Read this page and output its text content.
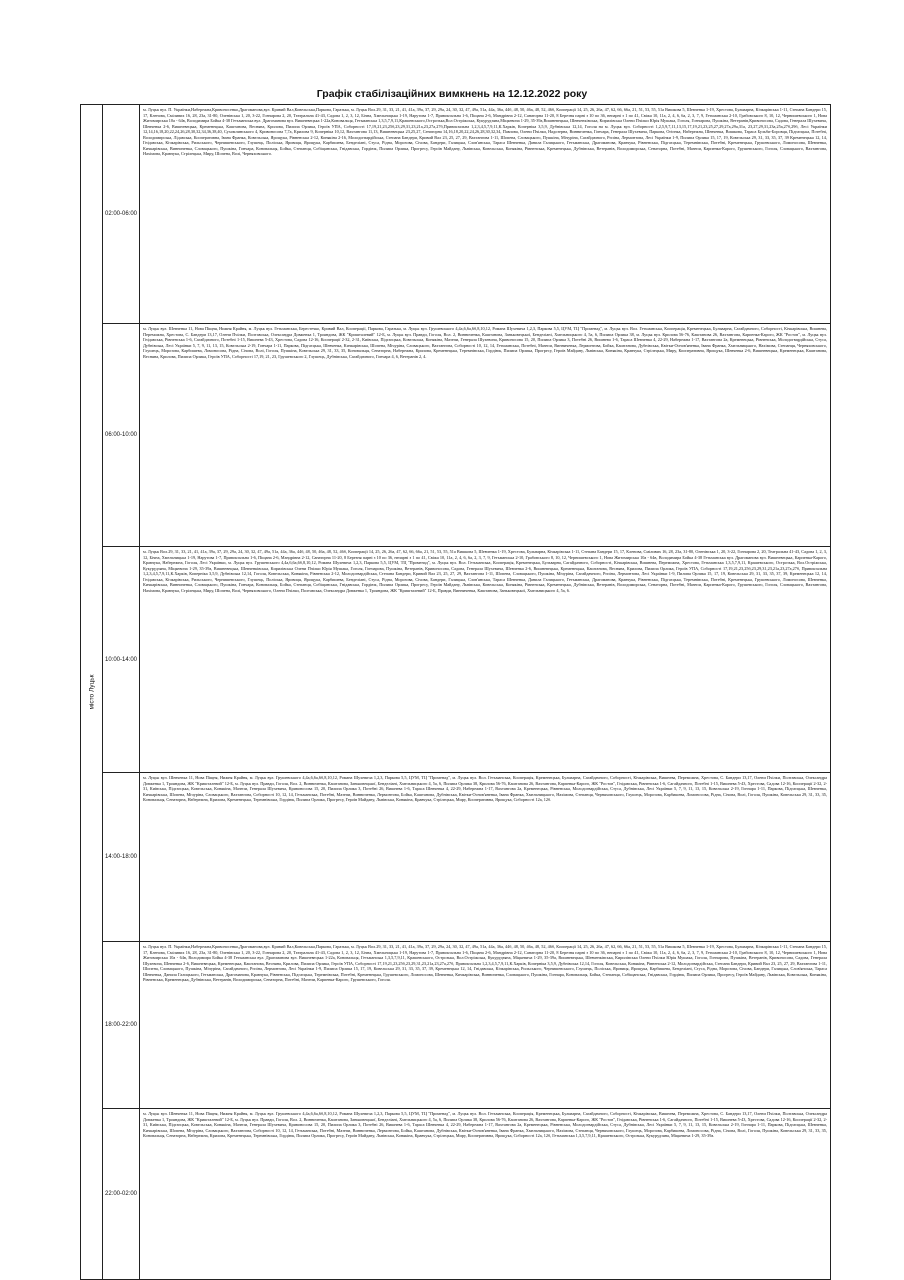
Графік стабілізаційних вимкнень на 12.12.2022 року
місто Луцьк	02:00-06:00	м. Луцьк вул. П. Українки,Набережна,Кривоносенко,Драгоманова,вул. Кривий Вал,Ковельська,Паркова, Гаразька, м. Луцьк Вол.29, 31, 33, 21, 41, 41а, 39а, 37, 29, 29а, 24, 30, 32, 47, 49а, 51а, 44а, 36а, 44б, 48, 50, 46а, 48, 52, 46б, Кооперації 14, 25, 26, 26а, 47, 62, 66, 66а, 21, 51, 53, 55, 51а Вишкова 5, Шевченка 1-19, Хрестова, Бульварна, Кічкарівська 1-11, Степана Бандери 15, 17, Кленова, Сміливих 16, 28, 23а, 31-80, Оленівська 1, 20, 3-22, Гончарова 2, 20, Театральна 41-43, Садова 1, 2, 3, 12, Бічна, Хмельницька 1-19, Нарутова 1-7, Привокзальна 1-6, Піщана 2-6, Мандрівна 2-12, Санаторна 11-20, 8 Березня парні з 10 по 36, непарні з 1 по 41, Свіжа 10, 11а, 2, 4, 6, 6а, 2, 3, 7, 9, Гетьманська 2-10, Грабовського 8, 10, 12, Чернишевського 1, Нова Житомирська 10а - 64в, Володимира Бойка 4-38 Гетьманська вул. Драгоманова вул. Вишневецька 1-22а,Коновальця, Гетьманська 1,3,5,7,9,11,Крашевського,Острозька,Вол.Остріжська, Кукурудзяна,Міцкевича 1-29, 35-39а,Вишневецька, Шевченківська, Кирилівська Олени Пчілки Юрія Мушака, Гоголя, Гончарова, Пушкіна, Ветеранів,Кривоносова, Садова, Генерала Шухевича, Шевченка 2-6, Вишневецька, Кременецька, Каштанова, Весняна, Крилова, Пилипа Орлика, Героїв УПА, Соборності 17,19,21,23,25б,23,29,31,23,21а,23,27а,27б,Привокзальна 1,2,3,4,5,7,9,11,К.Харків, Коперніка 3,5,9, Дубнівська 12,14, Гоголя на м. Луцьк вул. Соборності 1,2,5,9,7,11,13,15,17,19,21,23,25,27,29,27а,29а,31а, 23,27,29,31,23а,25а,27б,29б, Лесі Українки 12,14,16,18,20,22,24,26,28,30,32,34,36,38,40, Сухомлинського 4, Кривоносова 7,7а, Крилова 9, Коперніка 10,12, Вахтангова 11,13, Вишневецька 23,25,27, Сенаторна 14,16,18,20,22,24,26,28,30,32,34, Павлова, Олени Пчілки, Надозерна, Винниченка, Гончара, Генерала Шухевича, Паркова, Огієнка, Набережна, Шевченка, Вишкова, Тараса Бульби-Боровця, Підгаєцька, Потебні, Володимирська, Лідавська, Кооперативна, Івана Франка, Ковельська, Ярощука, Рівненська 2-12, Конякіна 2-16, Молодогвардійська, Степана Бандери, Кривий Вал 23, 25, 27, 29, Вахтангова 1-11, Шопена, Словацького, Пушкіна, Мічуріна, Сагайдачного, Рєпіна, Лермонтова, Лесі Українки 1-9, Пилипа Орлика 15, 17, 19, Ковельська 29, 31, 33, 35, 37, 39 Кременецька 12, 14, Гнідавська, Кічкарівська, Рильського, Чернишевського, Глушець, Поліська, Яровиця, Ярощука, Карбишева, Бенделіані, Стуса, Рідна, Морозова, Січова, Бандери, Галицька, Слов'янська, Тараса Шевченка, Данила Галицького, Гетьманська, Драгоманова, Кравчука, Рівненська, Підгаєцька, Теремнівська, Потебні, Кременецька, Грушевського, Ломоносова, Шевченка, Кичкарівська, Винниченка, Словацького, Пушкіна, Гончара, Коновальця, Бойка, Степанця, Собіщанська, Гнідавська, Гордіюк, Пилипа Орлика, Прогресу, Героїв Майдану, Львівська, Ковельська, Конякіна, Рівненська, Кременецька, Дубнівська, Ветеранів, Володимирська, Сенаторна, Потебні, Мазепи, Карпенка-Карого, Грушевського, Гоголя, Словацького, Вахтангова, Нахімова, Кравчука, Стрілецька, Миру, Шопена, Волі, Черняховського.

	06:00-10:00	м. Луцьк вул. Шевченка 11, Нова Піщня, Нижня Крайня, м. Луцьк вул. Гетьманська, Берестечко, Кривий Вал, Кооперації, Паркова, Гаразька, м. Луцьк вул. Грушевського 4,4а,6,6а,6б,8,10,12, Романа Шухевича 1,2,3, Паркова 5,5, ЦУМ, ТЦ "Променад", м. Луцьк вул. Вол. Гетьманська, Кооперація, Кременецька, Бульварна, Сагайдачного, Соборності, Кічкарівська, Вишнева, Переможна, Хрестова, С. Бандери 13,17, Олени Пчілки, Полтавська, Олександра Довженка 1, Трояндова, ЖК "Кришталевий" 12-Б, м. Луцьк вул. Правди, Гоголя, Вол. 2, Винниченка, Каштанова, Заньковецької, Бенделіані, Хмельницького 4, 5а, 6, Пилипа Орлика 38, м. Луцьк вул. Крилова 56-76, Каштанова 26, Вахтангова, Карпенка-Карого, ЖК "Ростов", м. Луцьк вул. Гнідавська, Рівненська 1-6, Сагайдачного, Потебні 1-15, Вишнева 5-43, Хрестова, Садова 12-16, Кооперації 2-32, 2-31, Київська, Підгаєцька, Ковельська, Конякіна, Мазепи, Генерала Шухевича, Кривоносова 15, 20, Пилипа Орлика 3, Потебні 26, Вишнева 1-6, Тараса Шевченка 4, 22-29, Набережна 1-17, Вахтангова 2а, Кременецька, Рівненська, Молодогвардійська, Стуса, Дубнівська, Лесі Українки 5, 7, 9, 11, 13, 15, Ковельська 2-19, Гончара 1-11, Паркова, Підгаєцька, Шевченка, Кичкарівська, Шопена, Мічуріна, Словацького, Вахтангова, Соборності 10, 12, 14, Гетьманська, Потебні, Мазепи, Винниченка, Лермонтова, Бойка, Каштанова, Дубнівська, Квітки-Основ'яненка, Івана Франка, Хмельницького, Нахімова, Степанця, Черняховського, Глушець, Морозова, Карбишева, Ломоносова, Рідна, Січова, Волі, Гоголя, Пушкіна, Ковельська 29, 31, 33, 35, Коновальця, Сенаторна, Набережна, Крилова, Кременецька, Теремнівська, Гордіюк, Пилипа Орлика, Прогресу, Героїв Майдану, Львівська, Конякіна, Кравчука, Стрілецька, Миру, Кооперативна, Ярощука, Шевченка 2-6, Вишневецька, Кременецька, Каштанова, Весняна, Крилова, Пилипа Орлика, Героїв УПА, Соборності 17,19, 21, 23, Грушевського 2, Глушець, Дубнівська, Сагайдачного, Гончара 4, 6, Ветеранів 2, 4.

	10:00-14:00	м. Луцьк Вол.29, 31, 33, 21, 41, 41а, 39а, 37, 29, 29а, 24, 30, 32, 47, 49а, 51а, 44а, 36а, 44б, 48, 50, 46а, 48, 52, 46б, Кооперації 14, 25, 26, 26а, 47, 62, 66, 66а, 21, 51, 53, 55, 51а Вишкова 5, Шевченка 1-19, Хрестова, Бульварна, Кічкарівська 1-11, Степана Бандери 15, 17, Кленова, Сміливих 16, 28, 23а, 31-80, Оленівська 1, 20, 3-22, Гончарова 2, 20, Театральна 41-43, Садова 1, 2, 3, 12, Бічна, Хмельницька 1-19, Нарутова 1-7, Привокзальна 1-6, Піщана 2-6, Мандрівна 2-12, Санаторна 11-20, 8 Березня парні з 10 по 36, непарні з 1 по 41, Свіжа 10, 11а, 2, 4, 6, 6а, 2, 3, 7, 9, Гетьманська 2-10, Грабовського 8, 10, 12, Чернишевського 1, Нова Житомирська 10а - 64в, Володимира Бойка 4-38 Гетьманська вул. Драгоманова вул. Вишневецька, Карпенка-Карого, Кравчука, Набережна, Гоголя, Лесі Українки, м. Луцьк вул. Грушевського 4,4а,6,6а,6б,8,10,12, Романа Шухевича 1,2,3, Паркова 5,5, ЦУМ, ТЦ "Променад", м. Луцьк вул. Вол. Гетьманська, Кооперація, Кременецька, Бульварна, Сагайдачного, Соборності, Кічкарівська, Вишнева, Переможна, Хрестова, Гетьманська 1,3,5,7,9,11, Крашевського, Острозька, Вол.Остріжська, Кукурудзяна, Міцкевича 1-29, 35-39а, Вишневецька, Шевченківська, Кирилівська Олени Пчілки Юрія Мушака, Гоголя, Гончарова, Пушкіна, Ветеранів, Кривоносова, Садова, Генерала Шухевича, Шевченка 2-6, Вишневецька, Кременецька, Каштанова, Весняна, Крилова, Пилипа Орлика, Героїв УПА, Соборності 17,19,21,23,25б,23,29,31,23,21а,23,27а,27б, Привокзальна 1,2,3,4,5,7,9,11,К.Харків, Коперніка 3,5,9, Дубнівська 12,14, Гоголя, Ковельська, Конякіна, Рівненська 2-12, Молодогвардійська, Степана Бандери, Кривий Вал 23, 25, 27, 29, Вахтангова 1-11, Шопена, Словацького, Пушкіна, Мічуріна, Сагайдачного, Рєпіна, Лермонтова, Лесі Українки 1-9, Пилипа Орлика 15, 17, 19, Ковельська 29, 31, 33, 35, 37, 39, Кременецька 12, 14, Гнідавська, Кічкарівська, Рильського, Чернишевського, Глушець, Поліська, Яровиця, Ярощука, Карбишева, Бенделіані, Стуса, Рідна, Морозова, Січова, Бандери, Галицька, Слов'янська, Тараса Шевченка, Данила Галицького, Гетьманська, Драгоманова, Кравчука, Рівненська, Підгаєцька, Теремнівська, Потебні, Кременецька, Грушевського, Ломоносова, Шевченка, Кичкарівська, Винниченка, Словацького, Пушкіна, Гончара, Коновальця, Бойка, Степанця, Собіщанська, Гнідавська, Гордіюк, Пилипа Орлика, Прогресу, Героїв Майдану, Львівська, Ковельська, Конякіна, Рівненська, Кременецька, Дубнівська, Ветеранів, Володимирська, Сенаторна, Потебні, Мазепи, Карпенка-Карого, Грушевського, Гоголя, Словацького, Вахтангова, Нахімова, Кравчука, Стрілецька, Миру, Шопена, Волі, Черняховського, Олени Пчілки, Полтавська, Олександра Довженка 1, Трояндова, ЖК "Кришталевий" 12-Б, Правди, Винниченка, Каштанова, Заньковецької, Хмельницького 4, 5а, 6.

	14:00-18:00	м. Луцьк вул. Шевченка 11, Нова Піщня, Нижня Крайня, м. Луцьк вул. Грушевського 4,4а,6,6а,6б,8,10,12, Романа Шухевича 1,2,3, Паркова 5,5, ЦУМ, ТЦ "Променад", м. Луцьк вул. Вол. Гетьманська, Кооперація, Кременецька, Бульварна, Сагайдачного, Соборності, Кічкарівська, Вишнева, Переможна, Хрестова, С. Бандери 13,17, Олени Пчілки, Полтавська, Олександра Довженка 1, Трояндова, ЖК "Кришталевий" 12-Б, м. Луцьк вул. Правди, Гоголя, Вол. 2, Винниченка, Каштанова, Заньковецької, Бенделіані, Хмельницького 4, 5а, 6, Пилипа Орлика 38, Крилова 56-76, Каштанова 26, Вахтангова, Карпенка-Карого, ЖК "Ростов", Гнідавська, Рівненська 1-6, Сагайдачного, Потебні 1-15, Вишнева 5-43, Хрестова, Садова 12-16, Кооперації 2-32, 2-31, Київська, Підгаєцька, Ковельська, Конякіна, Мазепи, Генерала Шухевича, Кривоносова 15, 20, Пилипа Орлика 3, Потебні 26, Вишнева 1-6, Тараса Шевченка 4, 22-29, Набережна 1-17, Вахтангова 2а, Кременецька, Рівненська, Молодогвардійська, Стуса, Дубнівська, Лесі Українки 5, 7, 9, 11, 13, 15, Ковельська 2-19, Гончара 1-11, Паркова, Підгаєцька, Шевченка, Кичкарівська, Шопена, Мічуріна, Словацького, Вахтангова, Соборності 10, 12, 14, Гетьманська, Потебні, Мазепи, Винниченка, Лермонтова, Бойка, Каштанова, Дубнівська, Квітки-Основ'яненка, Івана Франка, Хмельницького, Нахімова, Степанця, Черняховського, Глушець, Морозова, Карбишева, Ломоносова, Рідна, Січова, Волі, Гоголя, Пушкіна, Ковельська 29, 31, 33, 35, Коновальця, Сенаторна, Набережна, Крилова, Кременецька, Теремнівська, Гордіюк, Пилипа Орлика, Прогресу, Героїв Майдану, Львівська, Конякіна, Кравчука, Стрілецька, Миру, Кооперативна, Ярощука, Соборності 12а, 12б.

	18:00-22:00	м. Луцьк вул. П. Українки,Набережна,Кривоносенко,Драгоманова,вул. Кривий Вал,Ковельська,Паркова, Гаразька, м. Луцьк Вол.29, 31, 33, 21, 41, 41а, 39а, 37, 29, 29а, 24, 30, 32, 47, 49а, 51а, 44а, 36а, 44б, 48, 50, 46а, 48, 52, 46б, Кооперації 14, 25, 26, 26а, 47, 62, 66, 66а, 21, 51, 53, 55, 51а Вишкова 5, Шевченка 1-19, Хрестова, Бульварна, Кічкарівська 1-11, Степана Бандери 15, 17, Кленова, Сміливих 16, 28, 23а, 31-80, Оленівська 1, 20, 3-22, Гончарова 2, 20, Театральна 41-43, Садова 1, 2, 3, 12, Бічна, Хмельницька 1-19, Нарутова 1-7, Привокзальна 1-6, Піщана 2-6, Мандрівна 2-12, Санаторна 11-20, 8 Березня парні з 10 по 36, непарні з 1 по 41, Свіжа 10, 11а, 2, 4, 6, 6а, 2, 3, 7, 9, Гетьманська 2-10, Грабовського 8, 10, 12, Чернишевського 1, Нова Житомирська 10а - 64в, Володимира Бойка 4-38 Гетьманська вул. Драгоманова вул. Вишневецька 1-22а, Коновальця, Гетьманська 1,3,5,7,9,11, Крашевського, Острозька, Вол.Остріжська, Кукурудзяна, Міцкевича 1-29, 35-39а, Вишневецька, Шевченківська, Кирилівська Олени Пчілки Юрія Мушака, Гоголя, Гончарова, Пушкіна, Ветеранів, Кривоносова, Садова, Генерала Шухевича, Шевченка 2-6, Вишневецька, Кременецька, Каштанова, Весняна, Крилова, Пилипа Орлика, Героїв УПА, Соборності 17,19,21,23,25б,23,29,31,23,21а,23,27а,27б, Привокзальна 1,2,3,4,5,7,9,11,К.Харків, Коперніка 3,5,9, Дубнівська 12,14, Гоголя, Ковельська, Конякіна, Рівненська 2-12, Молодогвардійська, Степана Бандери, Кривий Вал 23, 25, 27, 29, Вахтангова 1-11, Шопена, Словацького, Пушкіна, Мічуріна, Сагайдачного, Рєпіна, Лермонтова, Лесі Українки 1-9, Пилипа Орлика 15, 17, 19, Ковельська 29, 31, 33, 35, 37, 39, Кременецька 12, 14, Гнідавська, Кічкарівська, Рильського, Чернишевського, Глушець, Поліська, Яровиця, Ярощука, Карбишева, Бенделіані, Стуса, Рідна, Морозова, Січова, Бандери, Галицька, Слов'янська, Тараса Шевченка, Данила Галицького, Гетьманська, Драгоманова, Кравчука, Рівненська, Підгаєцька, Теремнівська, Потебні, Кременецька, Грушевського, Ломоносова, Шевченка, Кичкарівська, Винниченка, Словацького, Пушкіна, Гончара, Коновальця, Бойка, Степанця, Собіщанська, Гнідавська, Гордіюк, Пилипа Орлика, Прогресу, Героїв Майдану, Львівська, Ковельська, Конякіна, Рівненська, Кременецька, Дубнівська, Ветеранів, Володимирська, Сенаторна, Потебні, Мазепи, Карпенка-Карого, Грушевського, Гоголя.

	22:00-02:00	м. Луцьк вул. Шевченка 11, Нова Піщня, Нижня Крайня, м. Луцьк вул. Грушевського 4,4а,6,6а,6б,8,10,12, Романа Шухевича 1,2,3, Паркова 5,5, ЦУМ, ТЦ "Променад", м. Луцьк вул. Вол. Гетьманська, Кооперація, Кременецька, Бульварна, Сагайдачного, Соборності, Кічкарівська, Вишнева, Переможна, Хрестова, С. Бандери 13,17, Олени Пчілки, Полтавська, Олександра Довженка 1, Трояндова, ЖК "Кришталевий" 12-Б, м. Луцьк вул. Правди, Гоголя, Вол. 2, Винниченка, Каштанова, Заньковецької, Бенделіані, Хмельницького 4, 5а, 6, Пилипа Орлика 38, Крилова 56-76, Каштанова 26, Вахтангова, Карпенка-Карого, ЖК "Ростов", Гнідавська, Рівненська 1-6, Сагайдачного, Потебні 1-15, Вишнева 5-43, Хрестова, Садова 12-16, Кооперації 2-32, 2-31, Київська, Підгаєцька, Ковельська, Конякіна, Мазепи, Генерала Шухевича, Кривоносова 15, 20, Пилипа Орлика 3, Потебні 26, Вишнева 1-6, Тараса Шевченка 4, 22-29, Набережна 1-17, Вахтангова 2а, Кременецька, Рівненська, Молодогвардійська, Стуса, Дубнівська, Лесі Українки 5, 7, 9, 11, 13, 15, Ковельська 2-19, Гончара 1-11, Паркова, Підгаєцька, Шевченка, Кичкарівська, Шопена, Мічуріна, Словацького, Вахтангова, Соборності 10, 12, 14, Гетьманська, Потебні, Мазепи, Винниченка, Лермонтова, Бойка, Каштанова, Дубнівська, Квітки-Основ'яненка, Івана Франка, Хмельницького, Нахімова, Степанця, Черняховського, Глушець, Морозова, Карбишева, Ломоносова, Рідна, Січова, Волі, Гоголя, Пушкіна, Ковельська 29, 31, 33, 35, Коновальця, Сенаторна, Набережна, Крилова, Кременецька, Теремнівська, Гордіюк, Пилипа Орлика, Прогресу, Героїв Майдану, Львівська, Конякіна, Кравчука, Стрілецька, Миру, Кооперативна, Ярощука, Соборності 12а, 12б, Гетьманська 1,3,5,7,9,11, Крашевського, Острозька, Кукурудзяна, Міцкевича 1-29, 35-39а.
